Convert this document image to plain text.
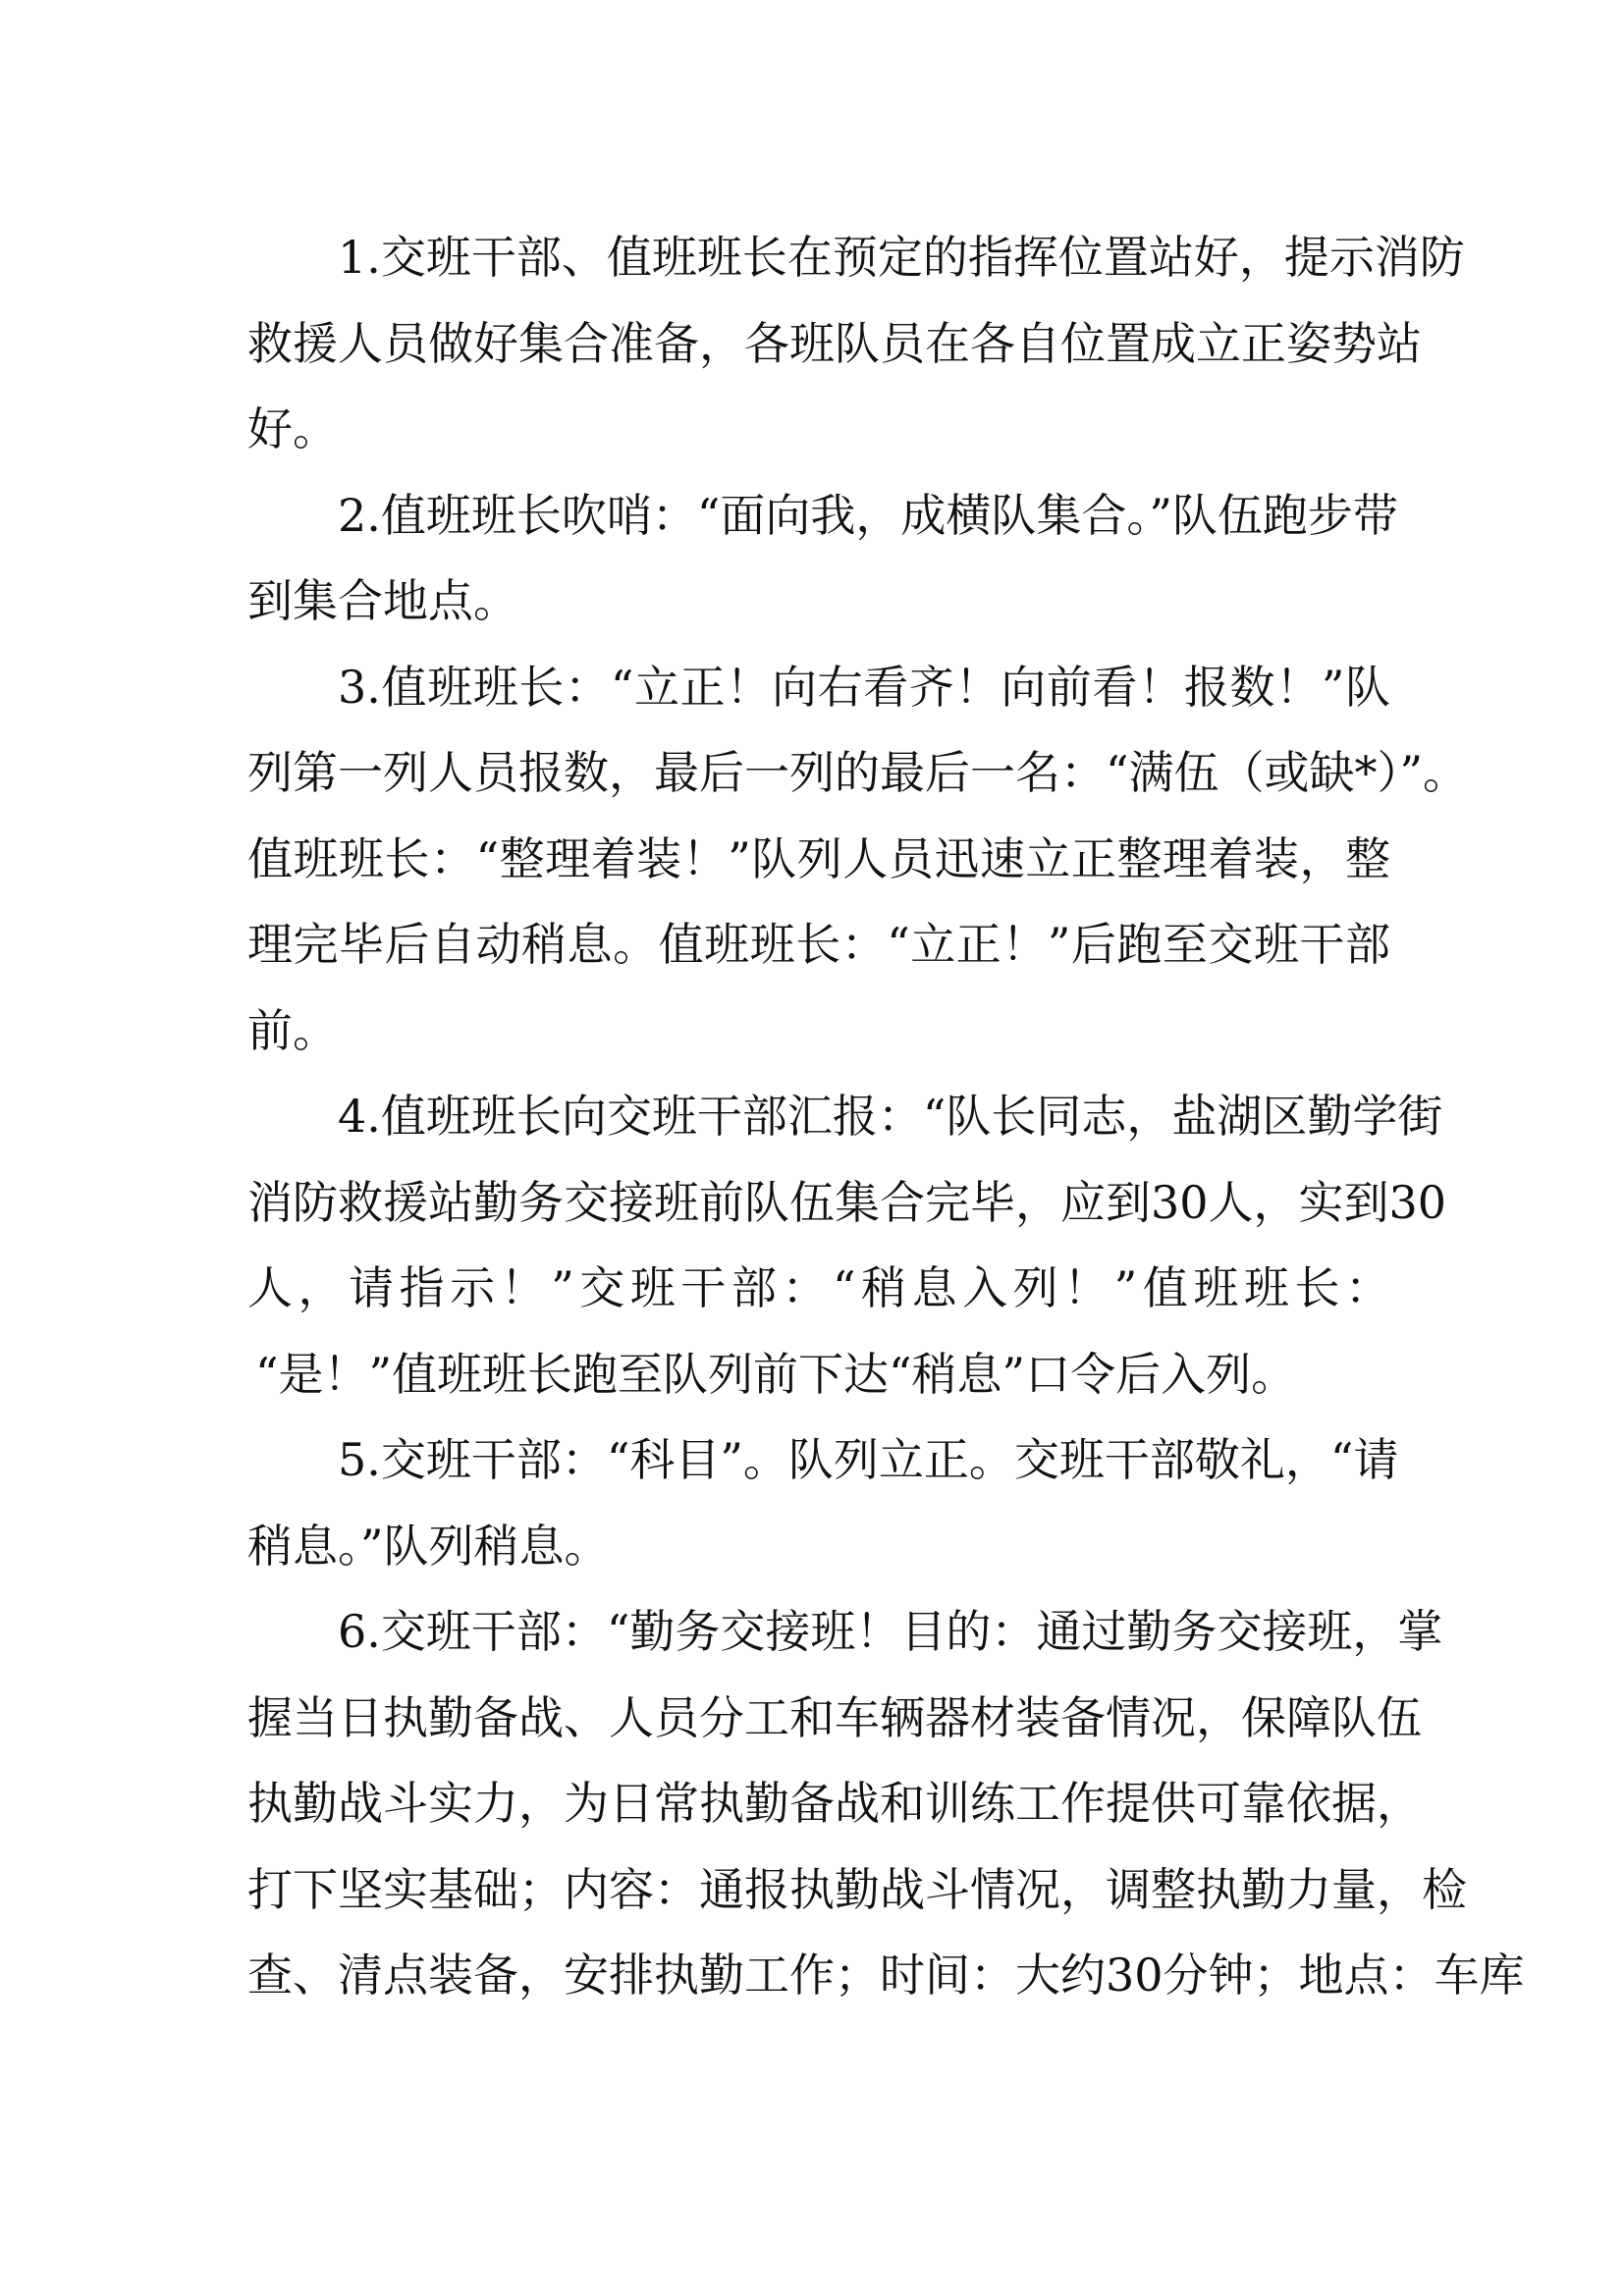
1.交班干部、值班班长在预定的指挥位置站好，提示消防
救援人员做好集合准备，各班队员在各自位置成立正姿势站
好。
2.值班班长吹哨：“面向我，成横队集合。”队伍跑步带
到集合地点。
3.值班班长：“立正！向右看齐！向前看！报数！”队
列第一列人员报数，最后一列的最后一名：“满伍（或缺*）”。
值班班长：“整理着装！”队列人员迅速立正整理着装，整
理完毕后自动稍息。值班班长：“立正！”后跑至交班干部
前。
4.值班班长向交班干部汇报：“队长同志，盐湖区勤学街
消防救援站勤务交接班前队伍集合完毕，应到30人，实到30
人，请指示！”交班干部：“稍息入列！”值班班长：
“是！”值班班长跑至队列前下达“稍息”口令后入列。
5.交班干部：“科目”。队列立正。交班干部敬礼，“请
稍息。”队列稍息。
6.交班干部：“勤务交接班！目的：通过勤务交接班，掌
握当日执勤备战、人员分工和车辆器材装备情况，保障队伍
执勤战斗实力，为日常执勤备战和训练工作提供可靠依据，
打下坚实基础；内容：通报执勤战斗情况，调整执勤力量，检
查、清点装备，安排执勤工作；时间：大约30分钟；地点：车库
